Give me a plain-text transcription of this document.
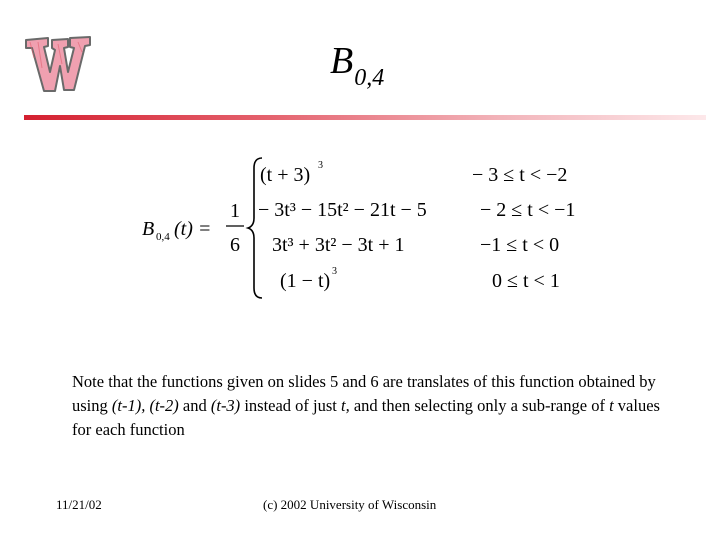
$B_{0,4}$
B 0,4 (t) =
1
6
(t + 3) 3	− 3 ≤ t < −2
− 3t³ − 15t² − 21t − 5	− 2 ≤ t < −1
3t³ + 3t² − 3t + 1	−1 ≤ t < 0
(1 − t) 3	0 ≤ t < 1
Note that the functions given on slides 5 and 6 are translates of this function obtained by using (t-1), (t-2) and (t-3) instead of just t, and then selecting only a sub-range of t values for each function
11/21/02	(c) 2002 University of Wisconsin
